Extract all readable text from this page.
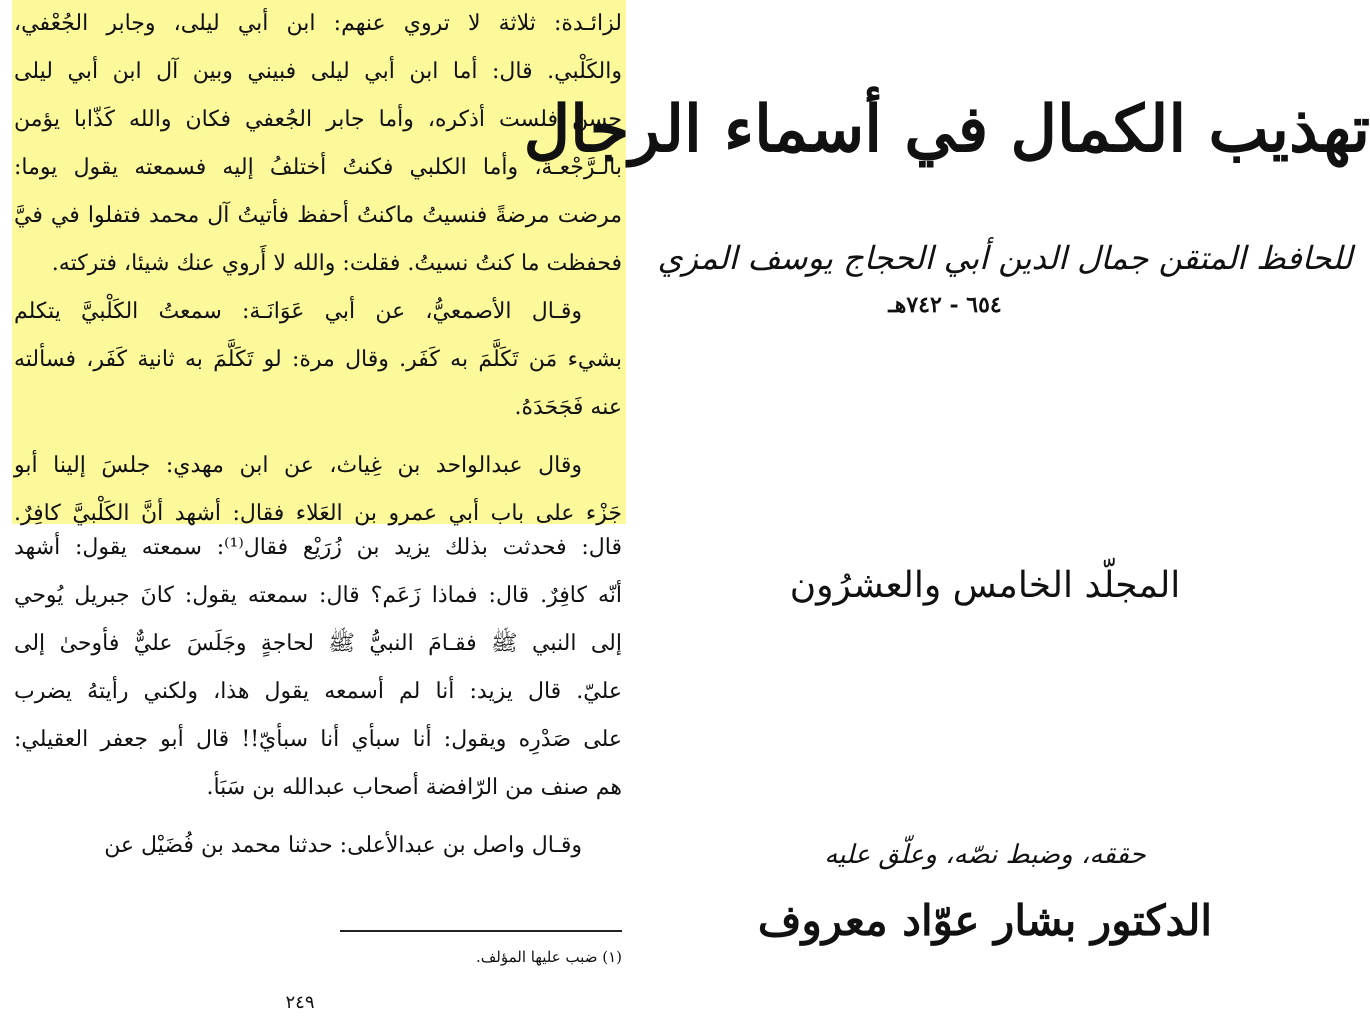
لزائـدة: ثلاثة لا تروي عنهم: ابن أبي ليلى، وجابر الجُعْفي،
والكَلْبي. قال: أما ابن أبي ليلى فبيني وبين آل ابن أبي ليلى
حسن فلست أذكره، وأما جابر الجُعفي فكان والله كَذّابا يؤمن
بالـرَّجْعـة، وأما الكلبي فكنتُ أختلفُ إليه فسمعته يقول يوما:
مرضت مرضةً فنسيتُ ماكنتُ أحفظ فأتيتُ آل محمد فتفلوا في فيَّ
فحفظت ما كنتُ نسيتُ. فقلت: والله لا أَروي عنك شيئا، فتركته.
وقـال الأصمعيُّ، عن أبي عَوَانَـة: سمعتُ الكَلْبيَّ يتكلم
بشيء مَن تَكَلَّمَ به كَفَر. وقال مرة: لو تَكَلَّمَ به ثانية كَفَر، فسألته
عنه فَجَحَدَهُ.
وقال عبدالواحد بن غِياث، عن ابن مهدي: جلسَ إلينا أبو
جَزْء على باب أبي عمرو بن العَلاء فقال: أشهد أنَّ الكَلْبيَّ كافِرٌ.
قال: فحدثت بذلك يزيد بن زُرَيْع فقال⁽¹⁾: سمعته يقول: أشهد
أنّه كافِرٌ. قال: فماذا زَعَم؟ قال: سمعته يقول: كانَ جبريل يُوحي
إلى النبي ﷺ فقـامَ النبيُّ ﷺ لحاجةٍ وجَلَسَ عليٌّ فأوحىٰ إلى
عليّ. قال يزيد: أنا لم أسمعه يقول هذا، ولكني رأيتهُ يضرب
على صَدْرِه ويقول: أنا سبأي أنا سبأيّ!! قال أبو جعفر العقيلي:
هم صنف من الرّافضة أصحاب عبدالله بن سَبَأ.
وقـال واصل بن عبدالأعلى: حدثنا محمد بن فُضَيْل عن
(١) ضبب عليها المؤلف.
٢٤٩
تهذيب الكمال في أسماء الرجال
للحافظ المتقن جمال الدين أبي الحجاج يوسف المزي
٦٥٤ - ٧٤٢هـ
المجلّد الخامس والعشرُون
حققه، وضبط نصّه، وعلّق عليه
الدكتور بشار عوّاد معروف
